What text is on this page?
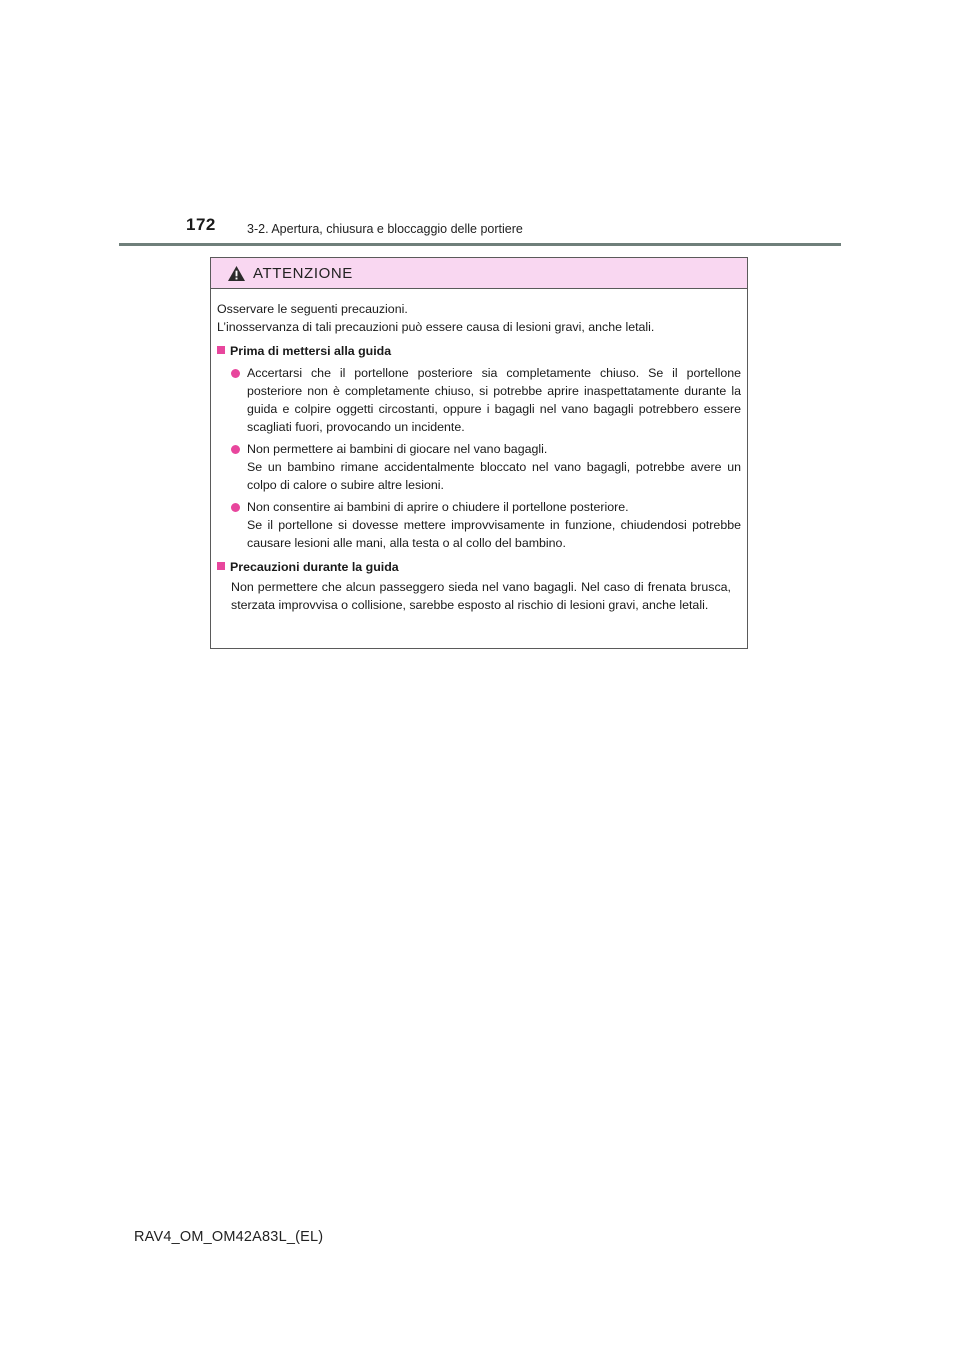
172 3-2. Apertura, chiusura e bloccaggio delle portiere
ATTENZIONE

Osservare le seguenti precauzioni.

L’inosservanza di tali precauzioni può essere causa di lesioni gravi, anche letali.

Prima di mettersi alla guida

Accertarsi che il portellone posteriore sia completamente chiuso. Se il portellone posteriore non è completamente chiuso, si potrebbe aprire inaspettatamente durante la guida e colpire oggetti circostanti, oppure i bagagli nel vano bagagli potrebbero essere scagliati fuori, provocando un incidente.

Non permettere ai bambini di giocare nel vano bagagli.

Se un bambino rimane accidentalmente bloccato nel vano bagagli, potrebbe avere un colpo di calore o subire altre lesioni.

Non consentire ai bambini di aprire o chiudere il portellone posteriore.

Se il portellone si dovesse mettere improvvisamente in funzione, chiudendosi potrebbe causare lesioni alle mani, alla testa o al collo del bambino.

Precauzioni durante la guida
Non permettere che alcun passeggero sieda nel vano bagagli. Nel caso di frenata brusca, sterzata improvvisa o collisione, sarebbe esposto al rischio di lesioni gravi, anche letali.
RAV4_OM_OM42A83L_(EL)
